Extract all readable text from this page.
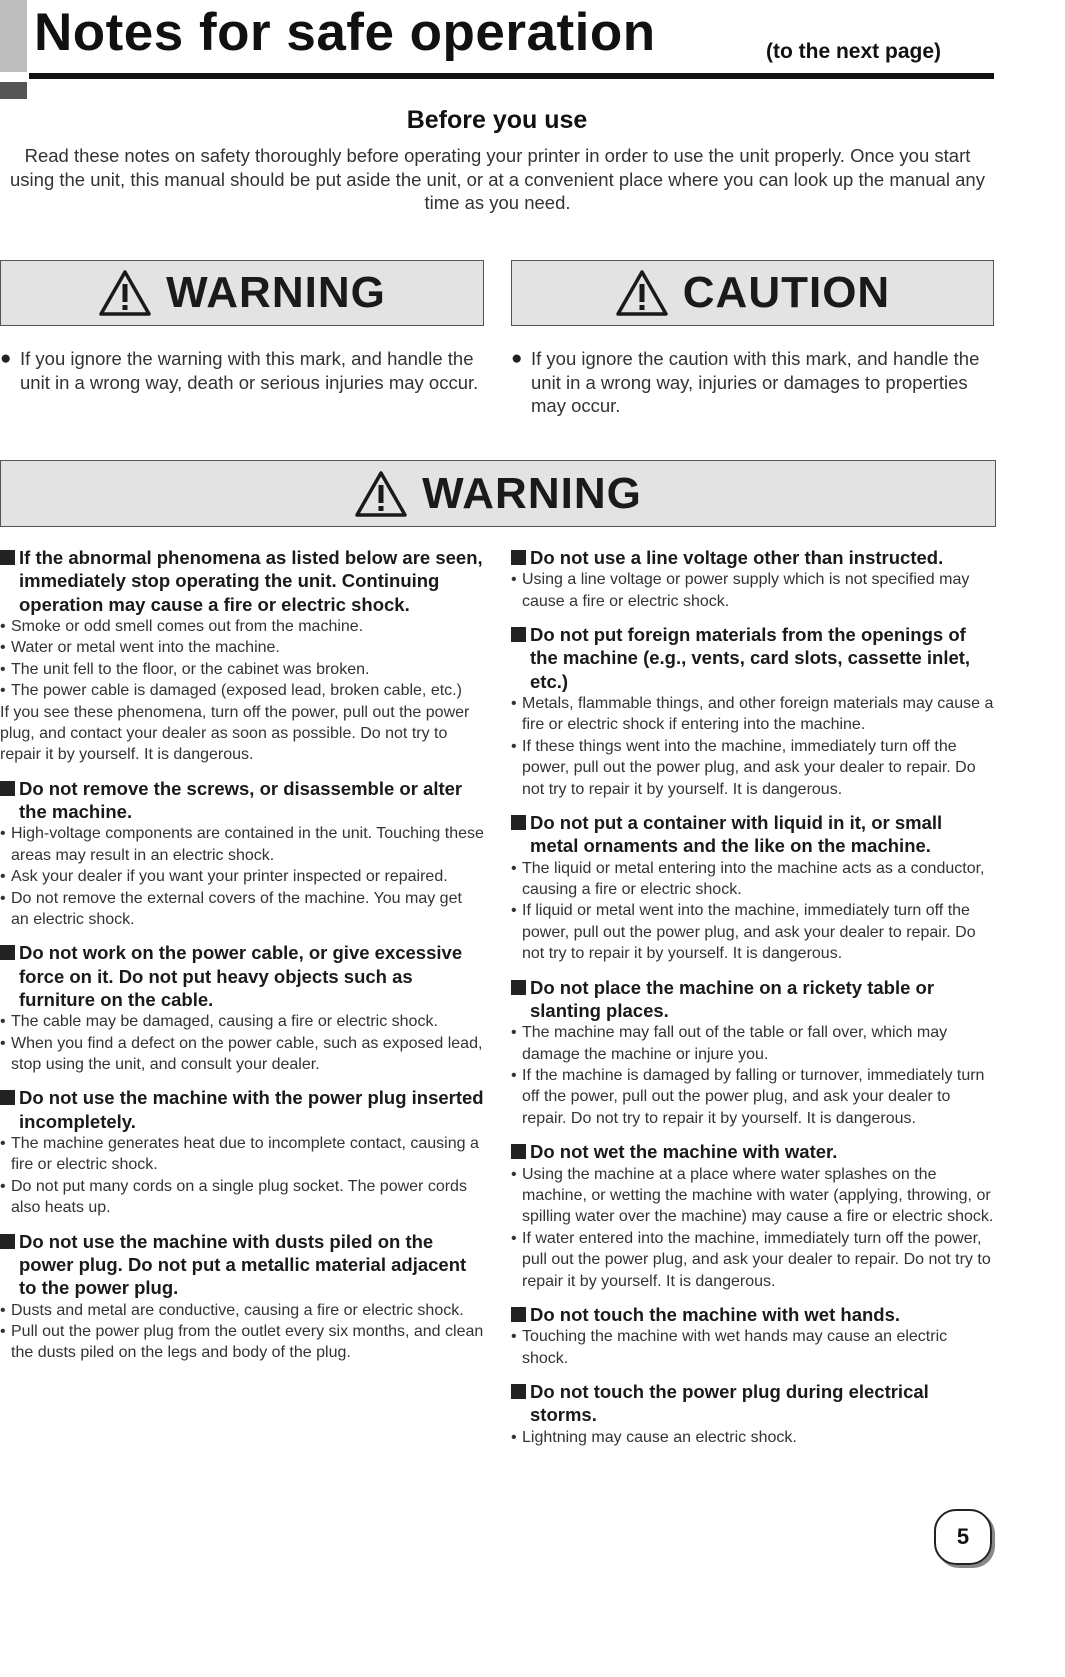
Notes for safe operation	(to the next page)
Before you use
Read these notes on safety thoroughly before operating your printer in order to use the unit properly. Once you start using the unit, this manual should be put aside the unit, or at a convenient place where you can look up the manual any time as you need.
WARNING	CAUTION
● If you ignore the warning with this mark, and handle the unit in a wrong way, death or serious injuries may occur.
● If you ignore the caution with this mark, and handle the unit in a wrong way, injuries or damages to properties may occur.
WARNING
If the abnormal phenomena as listed below are seen, immediately stop operating the unit. Continuing operation may cause a fire or electric shock.
• Smoke or odd smell comes out from the machine.
• Water or metal went into the machine.
• The unit fell to the floor, or the cabinet was broken.
• The power cable is damaged (exposed lead, broken cable, etc.)
If you see these phenomena, turn off the power, pull out the power plug, and contact your dealer as soon as possible. Do not try to repair it by yourself. It is dangerous.
Do not remove the screws, or disassemble or alter the machine.
• High-voltage components are contained in the unit. Touching these areas may result in an electric shock.
• Ask your dealer if you want your printer inspected or repaired.
• Do not remove the external covers of the machine. You may get an electric shock.
Do not work on the power cable, or give excessive force on it. Do not put heavy objects such as furniture on the cable.
• The cable may be damaged, causing a fire or electric shock.
• When you find a defect on the power cable, such as exposed lead, stop using the unit, and consult your dealer.
Do not use the machine with the power plug inserted incompletely.
• The machine generates heat due to incomplete contact, causing a fire or electric shock.
• Do not put many cords on a single plug socket. The power cords also heats up.
Do not use the machine with dusts piled on the power plug. Do not put a metallic material adjacent to the power plug.
• Dusts and metal are conductive, causing a fire or electric shock.
• Pull out the power plug from the outlet every six months, and clean the dusts piled on the legs and body of the plug.
Do not use a line voltage other than instructed.
• Using a line voltage or power supply which is not specified may cause a fire or electric shock.
Do not put foreign materials from the openings of the machine (e.g., vents, card slots, cassette inlet, etc.)
• Metals, flammable things, and other foreign materials may cause a fire or electric shock if entering into the machine.
• If these things went into the machine, immediately turn off the power, pull out the power plug, and ask your dealer to repair. Do not try to repair it by yourself. It is dangerous.
Do not put a container with liquid in it, or small metal ornaments and the like on the machine.
• The liquid or metal entering into the machine acts as a conductor, causing a fire or electric shock.
• If liquid or metal went into the machine, immediately turn off the power, pull out the power plug, and ask your dealer to repair. Do not try to repair it by yourself. It is dangerous.
Do not place the machine on a rickety table or slanting places.
• The machine may fall out of the table or fall over, which may damage the machine or injure you.
• If the machine is damaged by falling or turnover, immediately turn off the power, pull out the power plug, and ask your dealer to repair. Do not try to repair it by yourself. It is dangerous.
Do not wet the machine with water.
• Using the machine at a place where water splashes on the machine, or wetting the machine with water (applying, throwing, or spilling water over the machine) may cause a fire or electric shock.
• If water entered into the machine, immediately turn off the power, pull out the power plug, and ask your dealer to repair. Do not try to repair it by yourself. It is dangerous.
Do not touch the machine with wet hands.
• Touching the machine with wet hands may cause an electric shock.
Do not touch the power plug during electrical storms.
• Lightning may cause an electric shock.
5
